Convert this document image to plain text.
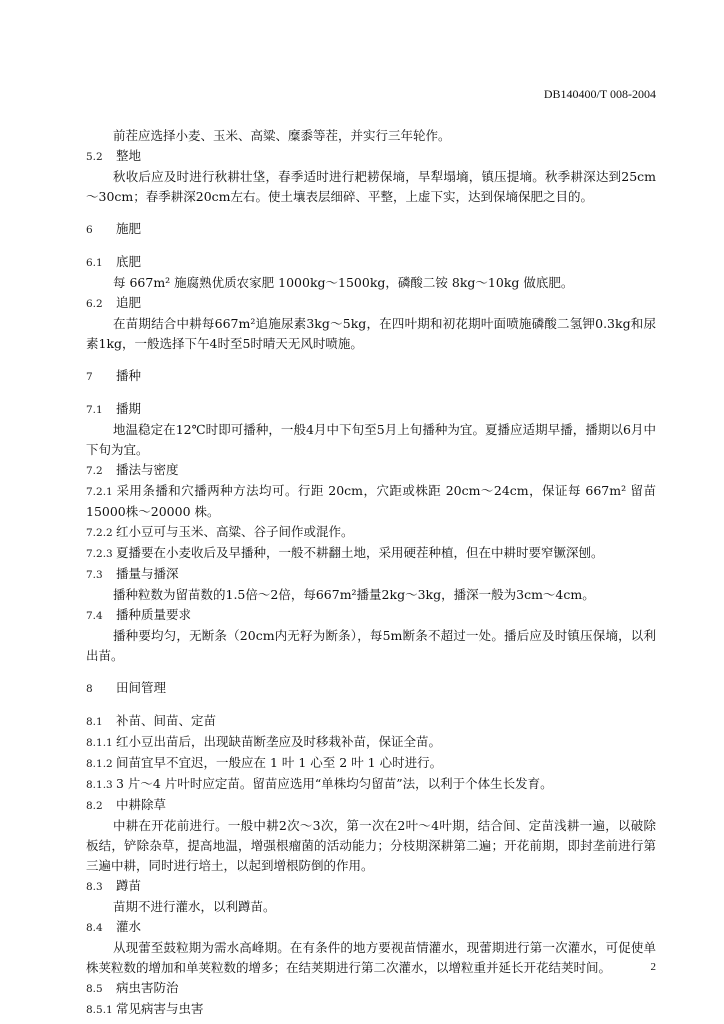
DB140400/T 008-2004

前茬应选择小麦、玉米、高粱、糜黍等茬，并实行三年轮作。

5.2 整地

秋收后应及时进行秋耕壮垡，春季适时进行耙耢保墒，旱犁塌墒，镇压提墒。秋季耕深达到25cm～30cm；春季耕深20cm左右。使土壤表层细碎、平整，上虚下实，达到保墒保肥之目的。

6 施肥
6.1 底肥

每 667m² 施腐熟优质农家肥 1000kg～1500kg，磷酸二铵 8kg～10kg 做底肥。

6.2 追肥

在苗期结合中耕每667m²追施尿素3kg～5kg，在四叶期和初花期叶面喷施磷酸二氢钾0.3kg和尿素1kg，一般选择下午4时至5时晴天无风时喷施。

7 播种
7.1 播期

地温稳定在12℃时即可播种，一般4月中下旬至5月上旬播种为宜。夏播应适期早播，播期以6月中下旬为宜。

7.2 播法与密度

7.2.1 采用条播和穴播两种方法均可。行距 20cm，穴距或株距 20cm～24cm，保证每 667m² 留苗 15000株～20000 株。

7.2.2 红小豆可与玉米、高粱、谷子间作或混作。
7.2.3 夏播要在小麦收后及早播种，一般不耕翻土地，采用硬茬种植，但在中耕时要窄镢深刨。
7.3 播量与播深

播种粒数为留苗数的1.5倍～2倍，每667m²播量2kg～3kg，播深一般为3cm～4cm。

7.4 播种质量要求

播种要均匀，无断条（20cm内无籽为断条），每5m断条不超过一处。播后应及时镇压保墒，以利出苗。

8 田间管理
8.1 补苗、间苗、定苗
8.1.1 红小豆出苗后，出现缺苗断垄应及时移栽补苗，保证全苗。
8.1.2 间苗宜早不宜迟，一般应在 1 叶 1 心至 2 叶 1 心时进行。
8.1.3 3 片～4 片叶时应定苗。留苗应选用“单株均匀留苗”法，以利于个体生长发育。
8.2 中耕除草

中耕在开花前进行。一般中耕2次～3次，第一次在2叶～4叶期，结合间、定苗浅耕一遍，以破除板结，铲除杂草，提高地温，增强根瘤菌的活动能力；分枝期深耕第二遍；开花前期，即封垄前进行第三遍中耕，同时进行培土，以起到增根防倒的作用。

8.3 蹲苗

苗期不进行灌水，以利蹲苗。

8.4 灌水

从现蕾至鼓粒期为需水高峰期。在有条件的地方要视苗情灌水，现蕾期进行第一次灌水，可促使单株荚粒数的增加和单荚粒数的增多；在结荚期进行第二次灌水，以增粒重并延长开花结荚时间。

8.5 病虫害防治
8.5.1 常见病害与虫害
2
